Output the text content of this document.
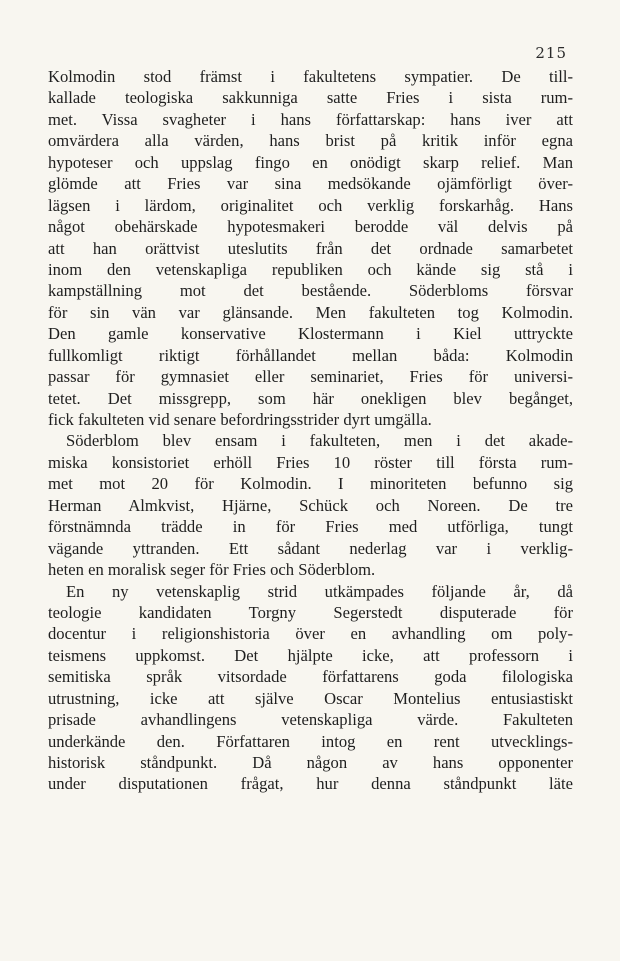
215
Kolmodin stod främst i fakultetens sympatier. De till-
kallade teologiska sakkunniga satte Fries i sista rum-
met. Vissa svagheter i hans författarskap: hans iver att
omvärdera alla värden, hans brist på kritik inför egna
hypoteser och uppslag fingo en onödigt skarp relief. Man
glömde att Fries var sina medsökande ojämförligt över-
lägsen i lärdom, originalitet och verklig forskarhåg. Hans
något obehärskade hypotesmakeri berodde väl delvis på
att han orättvist uteslutits från det ordnade samarbetet
inom den vetenskapliga republiken och kände sig stå i
kampställning mot det bestående. Söderbloms försvar
för sin vän var glänsande. Men fakulteten tog Kolmodin.
Den gamle konservative Klostermann i Kiel uttryckte
fullkomligt riktigt förhållandet mellan båda: Kolmodin
passar för gymnasiet eller seminariet, Fries för universi-
tetet. Det missgrepp, som här onekligen blev begånget,
fick fakulteten vid senare befordringsstrider dyrt umgälla.
Söderblom blev ensam i fakulteten, men i det akade-
miska konsistoriet erhöll Fries 10 röster till första rum-
met mot 20 för Kolmodin. I minoriteten befunno sig
Herman Almkvist, Hjärne, Schück och Noreen. De tre
förstnämnda trädde in för Fries med utförliga, tungt
vägande yttranden. Ett sådant nederlag var i verklig-
heten en moralisk seger för Fries och Söderblom.
En ny vetenskaplig strid utkämpades följande år, då
teologie kandidaten Torgny Segerstedt disputerade för
docentur i religionshistoria över en avhandling om poly-
teismens uppkomst. Det hjälpte icke, att professorn i
semitiska språk vitsordade författarens goda filologiska
utrustning, icke att själve Oscar Montelius entusiastiskt
prisade avhandlingens vetenskapliga värde. Fakulteten
underkände den. Författaren intog en rent utvecklings-
historisk ståndpunkt. Då någon av hans opponenter
under disputationen frågat, hur denna ståndpunkt läte
